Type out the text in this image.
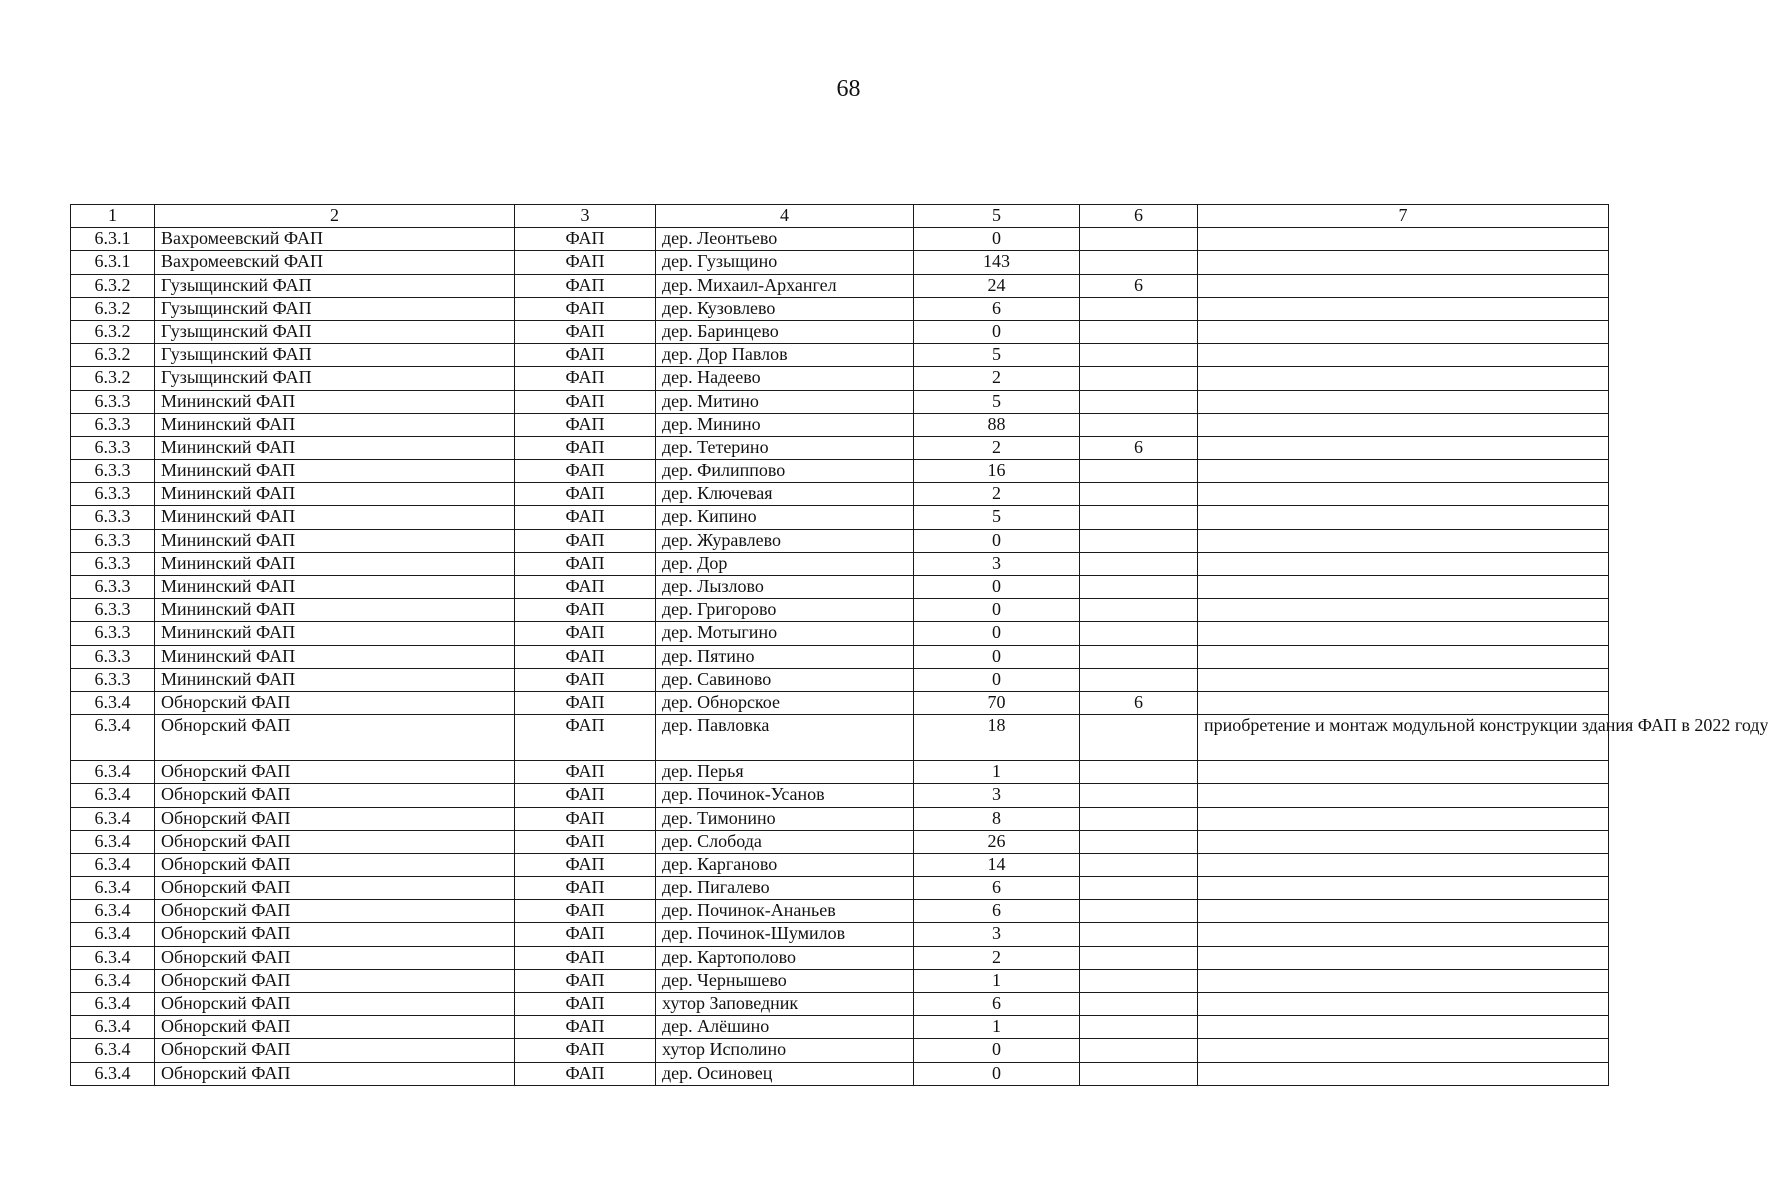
68
1	2	3	4	5	6	7
6.3.1	Вахромеевский ФАП	ФАП	дер. Леонтьево	0		
6.3.1	Вахромеевский ФАП	ФАП	дер. Гузыщино	143		
6.3.2	Гузыщинский ФАП	ФАП	дер. Михаил-Архангел	24	6	
6.3.2	Гузыщинский ФАП	ФАП	дер. Кузовлево	6		
6.3.2	Гузыщинский ФАП	ФАП	дер. Баринцево	0		
6.3.2	Гузыщинский ФАП	ФАП	дер. Дор Павлов	5		
6.3.2	Гузыщинский ФАП	ФАП	дер. Надеево	2		
6.3.3	Мининский ФАП	ФАП	дер. Митино	5		
6.3.3	Мининский ФАП	ФАП	дер. Минино	88		
6.3.3	Мининский ФАП	ФАП	дер. Тетерино	2	6	
6.3.3	Мининский ФАП	ФАП	дер. Филиппово	16		
6.3.3	Мининский ФАП	ФАП	дер. Ключевая	2		
6.3.3	Мининский ФАП	ФАП	дер. Кипино	5		
6.3.3	Мининский ФАП	ФАП	дер. Журавлево	0		
6.3.3	Мининский ФАП	ФАП	дер. Дор	3		
6.3.3	Мининский ФАП	ФАП	дер. Лызлово	0		
6.3.3	Мининский ФАП	ФАП	дер. Григорово	0		
6.3.3	Мининский ФАП	ФАП	дер. Мотыгино	0		
6.3.3	Мининский ФАП	ФАП	дер. Пятино	0		
6.3.3	Мининский ФАП	ФАП	дер. Савиново	0		
6.3.4	Обнорский ФАП	ФАП	дер. Обнорское	70	6	
6.3.4	Обнорский ФАП	ФАП	дер. Павловка	18		приобретение и монтаж модульной конструкции здания ФАП в 2022 году
6.3.4	Обнорский ФАП	ФАП	дер. Перья	1		
6.3.4	Обнорский ФАП	ФАП	дер. Починок-Усанов	3		
6.3.4	Обнорский ФАП	ФАП	дер. Тимонино	8		
6.3.4	Обнорский ФАП	ФАП	дер. Слобода	26		
6.3.4	Обнорский ФАП	ФАП	дер. Карганово	14		
6.3.4	Обнорский ФАП	ФАП	дер. Пигалево	6		
6.3.4	Обнорский ФАП	ФАП	дер. Починок-Ананьев	6		
6.3.4	Обнорский ФАП	ФАП	дер. Починок-Шумилов	3		
6.3.4	Обнорский ФАП	ФАП	дер. Картополово	2		
6.3.4	Обнорский ФАП	ФАП	дер. Чернышево	1		
6.3.4	Обнорский ФАП	ФАП	хутор Заповедник	6		
6.3.4	Обнорский ФАП	ФАП	дер. Алёшино	1		
6.3.4	Обнорский ФАП	ФАП	хутор Исполино	0		
6.3.4	Обнорский ФАП	ФАП	дер. Осиновец	0		
